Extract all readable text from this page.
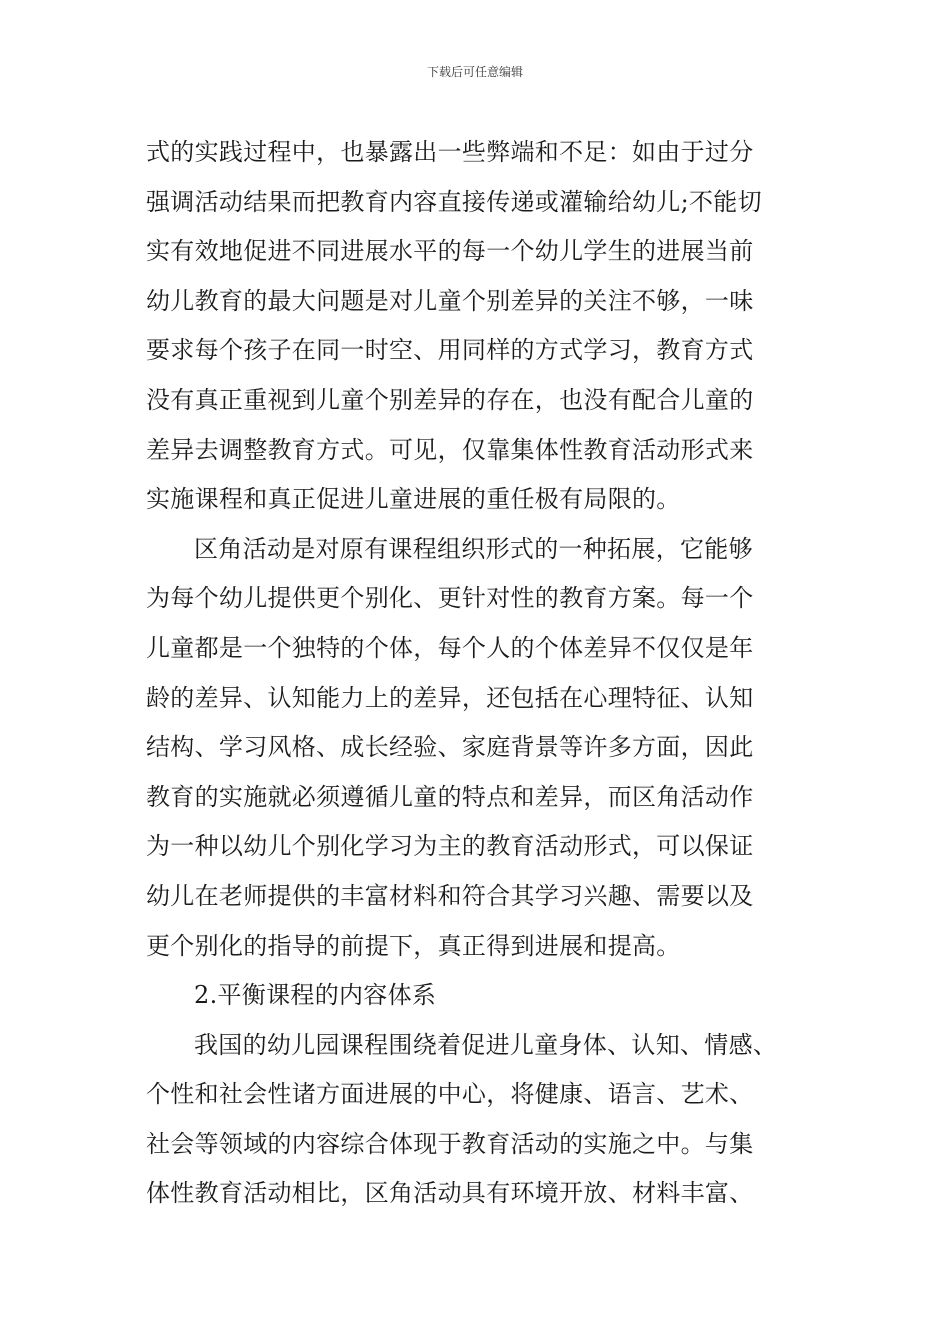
下载后可任意编辑
式的实践过程中，也暴露出一些弊端和不足：如由于过分
强调活动结果而把教育内容直接传递或灌输给幼儿;不能切
实有效地促进不同进展水平的每一个幼儿学生的进展当前
幼儿教育的最大问题是对儿童个别差异的关注不够，一味
要求每个孩子在同一时空、用同样的方式学习，教育方式
没有真正重视到儿童个别差异的存在，也没有配合儿童的
差异去调整教育方式。可见，仅靠集体性教育活动形式来
实施课程和真正促进儿童进展的重任极有局限的。
区角活动是对原有课程组织形式的一种拓展，它能够
为每个幼儿提供更个别化、更针对性的教育方案。每一个
儿童都是一个独特的个体，每个人的个体差异不仅仅是年
龄的差异、认知能力上的差异，还包括在心理特征、认知
结构、学习风格、成长经验、家庭背景等许多方面，因此
教育的实施就必须遵循儿童的特点和差异，而区角活动作
为一种以幼儿个别化学习为主的教育活动形式，可以保证
幼儿在老师提供的丰富材料和符合其学习兴趣、需要以及
更个别化的指导的前提下，真正得到进展和提高。
2.平衡课程的内容体系
我国的幼儿园课程围绕着促进儿童身体、认知、情感、
个性和社会性诸方面进展的中心，将健康、语言、艺术、
社会等领域的内容综合体现于教育活动的实施之中。与集
体性教育活动相比，区角活动具有环境开放、材料丰富、
